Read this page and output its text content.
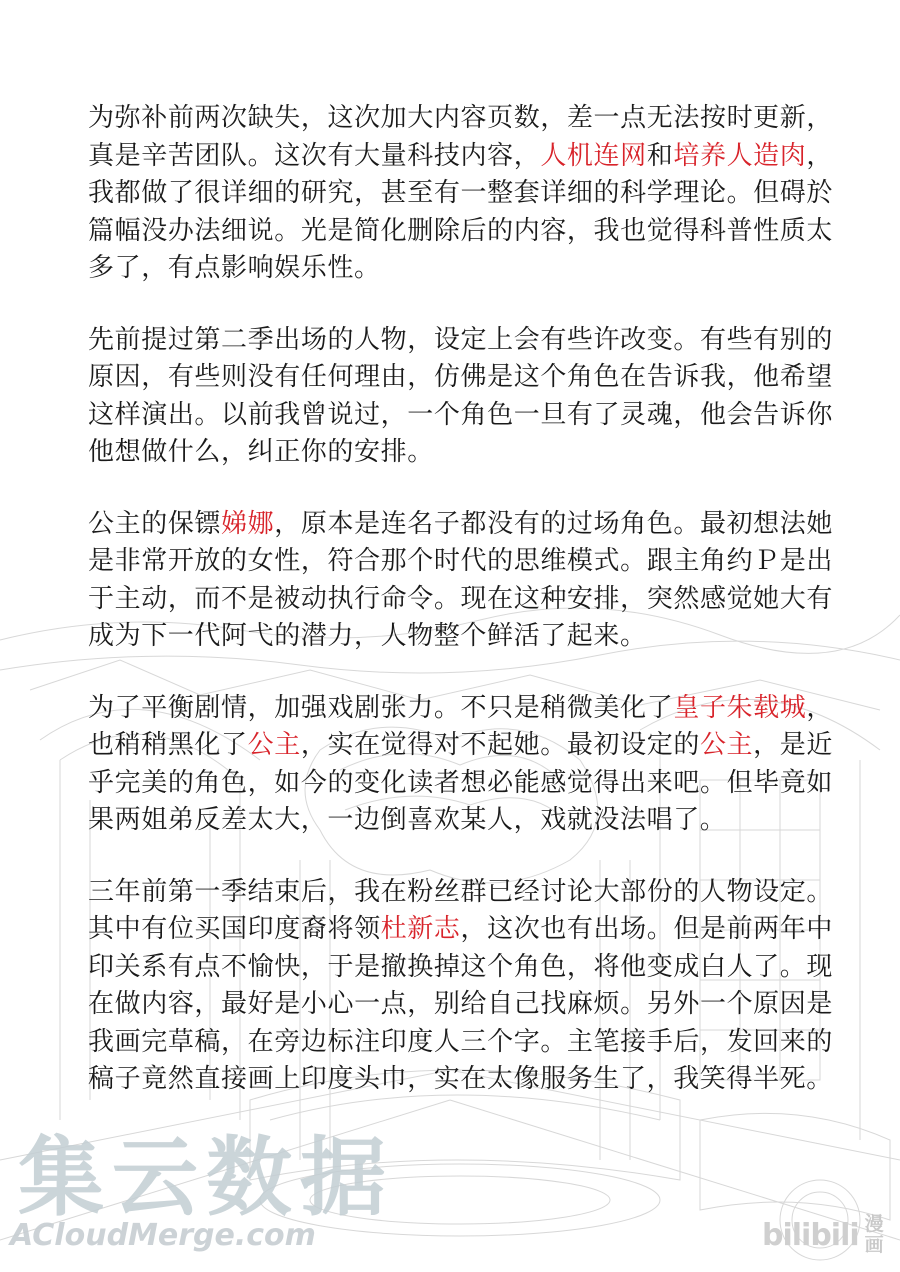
为弥补前两次缺失，这次加大内容页数，差一点无法按时更新，真是辛苦团队。这次有大量科技内容，人机连网和培养人造肉，我都做了很详细的研究，甚至有一整套详细的科学理论。但碍於篇幅没办法细说。光是简化删除后的内容，我也觉得科普性质太多了，有点影响娱乐性。

先前提过第二季出场的人物，设定上会有些许改变。有些有别的原因，有些则没有任何理由，仿佛是这个角色在告诉我，他希望这样演出。以前我曾说过，一个角色一旦有了灵魂，他会告诉你他想做什么，纠正你的安排。

公主的保镖娣娜，原本是连名子都没有的过场角色。最初想法她是非常开放的女性，符合那个时代的思维模式。跟主角约Ｐ是出于主动，而不是被动执行命令。现在这种安排，突然感觉她大有成为下一代阿弋的潜力，人物整个鲜活了起来。

为了平衡剧情，加强戏剧张力。不只是稍微美化了皇子朱载城，也稍稍黑化了公主，实在觉得对不起她。最初设定的公主，是近乎完美的角色，如今的变化读者想必能感觉得出来吧。但毕竟如果两姐弟反差太大，一边倒喜欢某人，戏就没法唱了。

三年前第一季结束后，我在粉丝群已经讨论大部份的人物设定。其中有位买国印度裔将领杜新志，这次也有出场。但是前两年中印关系有点不愉快，于是撤换掉这个角色，将他变成白人了。现在做内容，最好是小心一点，别给自己找麻烦。另外一个原因是我画完草稿，在旁边标注印度人三个字。主笔接手后，发回来的稿子竟然直接画上印度头巾，实在太像服务生了，我笑得半死。

集云数据
ACloudMerge.com	bilibili 漫
画
